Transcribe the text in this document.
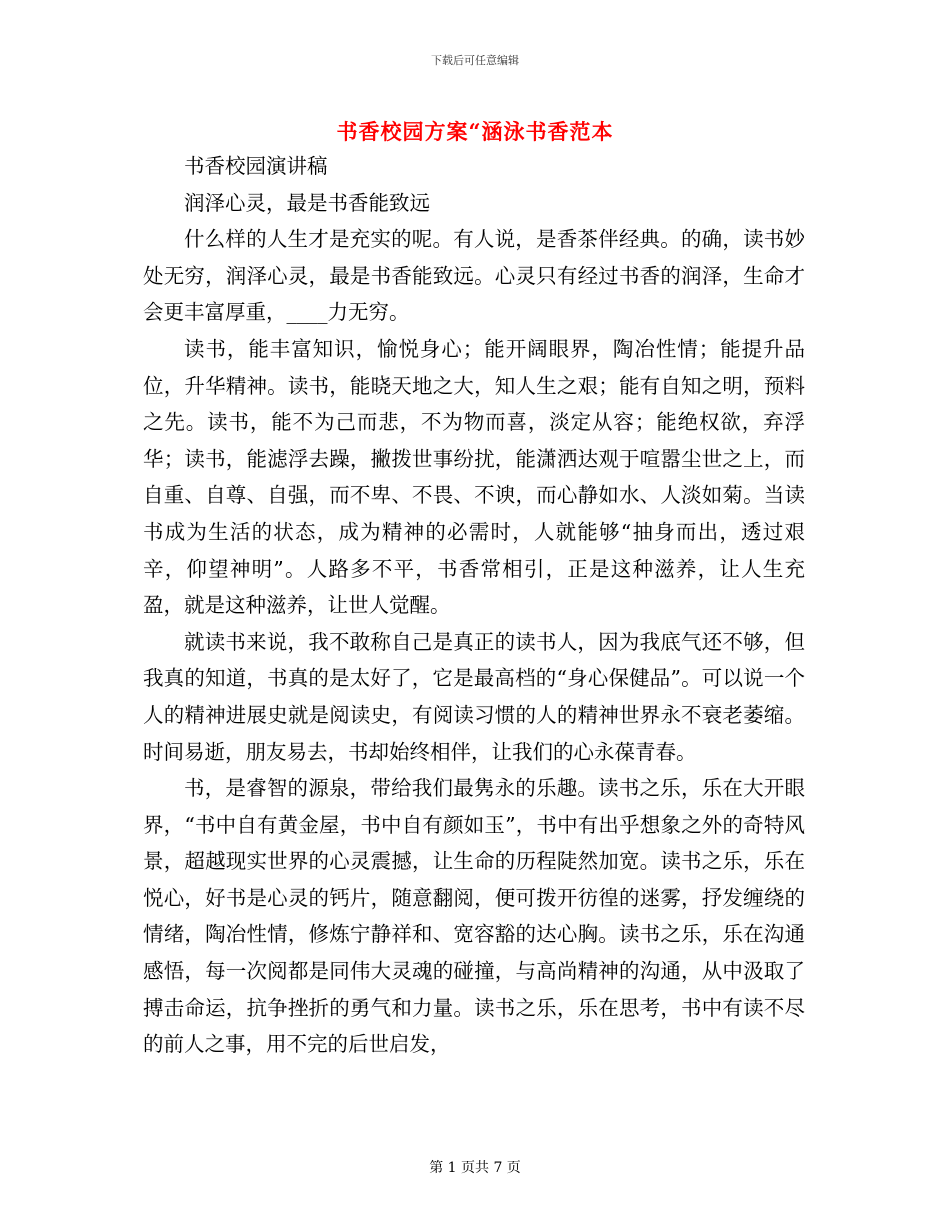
下载后可任意编辑
书香校园方案“涵泳书香范本

书香校园演讲稿

润泽心灵，最是书香能致远

什么样的人生才是充实的呢。有人说，是香茶伴经典。的确，读书妙处无穷，润泽心灵，最是书香能致远。心灵只有经过书香的润泽，生命才会更丰富厚重，____力无穷。

读书，能丰富知识，愉悦身心；能开阔眼界，陶冶性情；能提升品位，升华精神。读书，能晓天地之大，知人生之艰；能有自知之明，预料之先。读书，能不为己而悲，不为物而喜，淡定从容；能绝权欲，弃浮华；读书，能滤浮去躁，撇拨世事纷扰，能潇洒达观于喧嚣尘世之上，而自重、自尊、自强，而不卑、不畏、不谀，而心静如水、人淡如菊。当读书成为生活的状态，成为精神的必需时，人就能够“抽身而出，透过艰辛，仰望神明”。人路多不平，书香常相引，正是这种滋养，让人生充盈，就是这种滋养，让世人觉醒。

就读书来说，我不敢称自己是真正的读书人，因为我底气还不够，但我真的知道，书真的是太好了，它是最高档的“身心保健品”。可以说一个人的精神进展史就是阅读史，有阅读习惯的人的精神世界永不衰老萎缩。时间易逝，朋友易去，书却始终相伴，让我们的心永葆青春。

书，是睿智的源泉，带给我们最隽永的乐趣。读书之乐，乐在大开眼界，“书中自有黄金屋，书中自有颜如玉”，书中有出乎想象之外的奇特风景，超越现实世界的心灵震撼，让生命的历程陡然加宽。读书之乐，乐在悦心，好书是心灵的钙片，随意翻阅，便可拨开彷徨的迷雾，抒发缠绕的情绪，陶冶性情，修炼宁静祥和、宽容豁的达心胸。读书之乐，乐在沟通感悟，每一次阅都是同伟大灵魂的碰撞，与高尚精神的沟通，从中汲取了搏击命运，抗争挫折的勇气和力量。读书之乐，乐在思考，书中有读不尽的前人之事，用不完的后世启发，

第 1 页共 7 页
